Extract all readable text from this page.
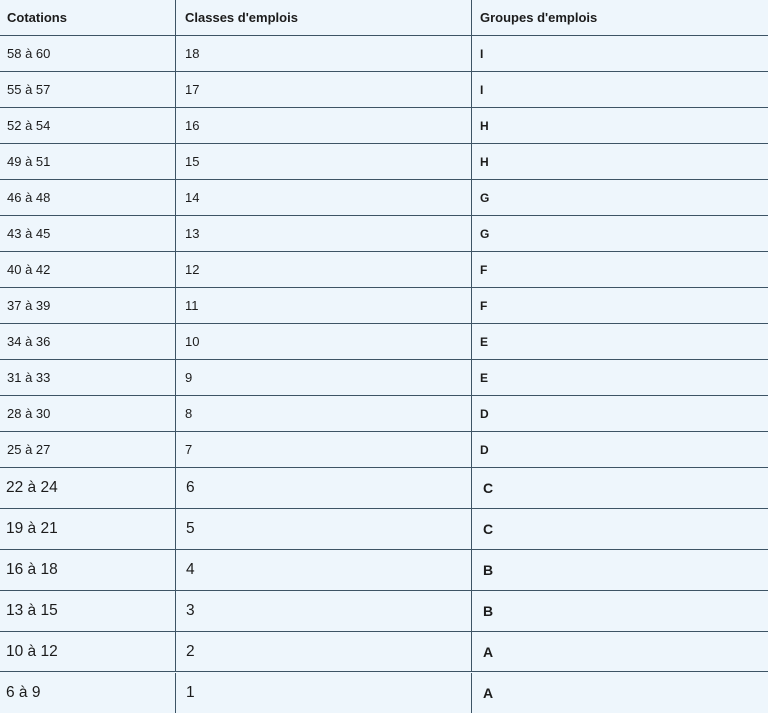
Cotations	Classes d'emplois	Groupes d'emplois
58 à 60	18	I
55 à 57	17	I
52 à 54	16	H
49 à 51	15	H
46 à 48	14	G
43 à 45	13	G
40 à 42	12	F
37 à 39	11	F
34 à 36	10	E
31 à 33	9	E
28 à 30	8	D
25 à 27	7	D
22 à 24	6	C
19 à 21	5	C
16 à 18	4	B
13 à 15	3	B
10 à 12	2	A
6 à 9	1	A
